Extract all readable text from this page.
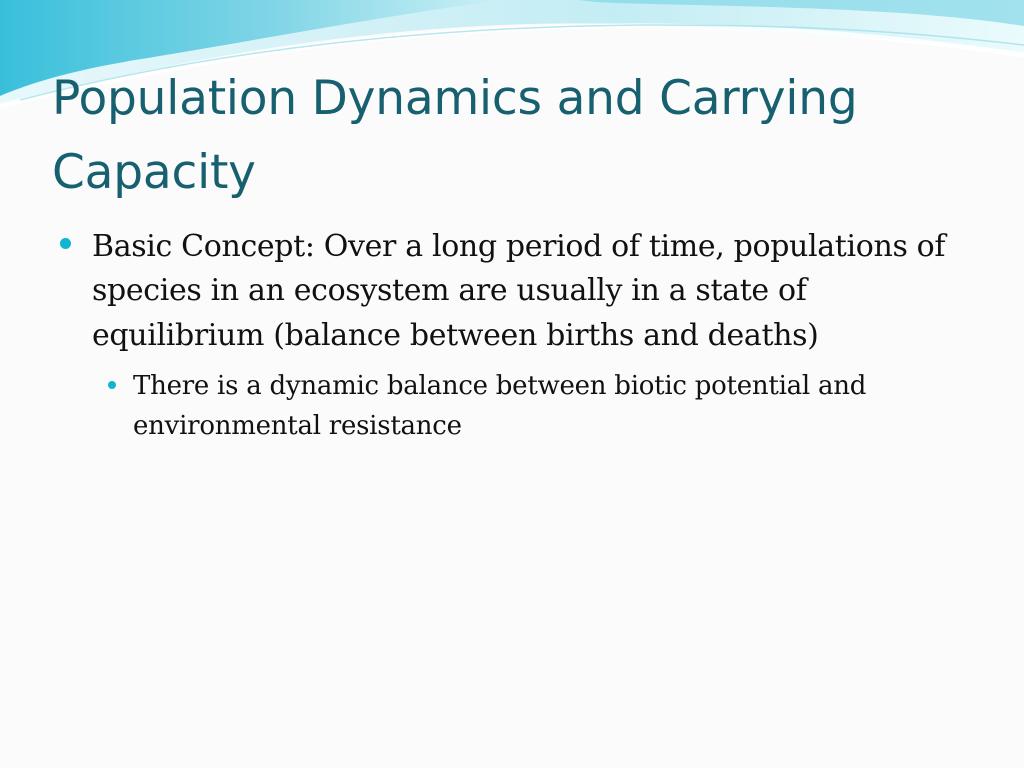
Population Dynamics and Carrying Capacity
Basic Concept: Over a long period of time, populations of species in an ecosystem are usually in a state of equilibrium (balance between births and deaths)
There is a dynamic balance between biotic potential and environmental resistance
